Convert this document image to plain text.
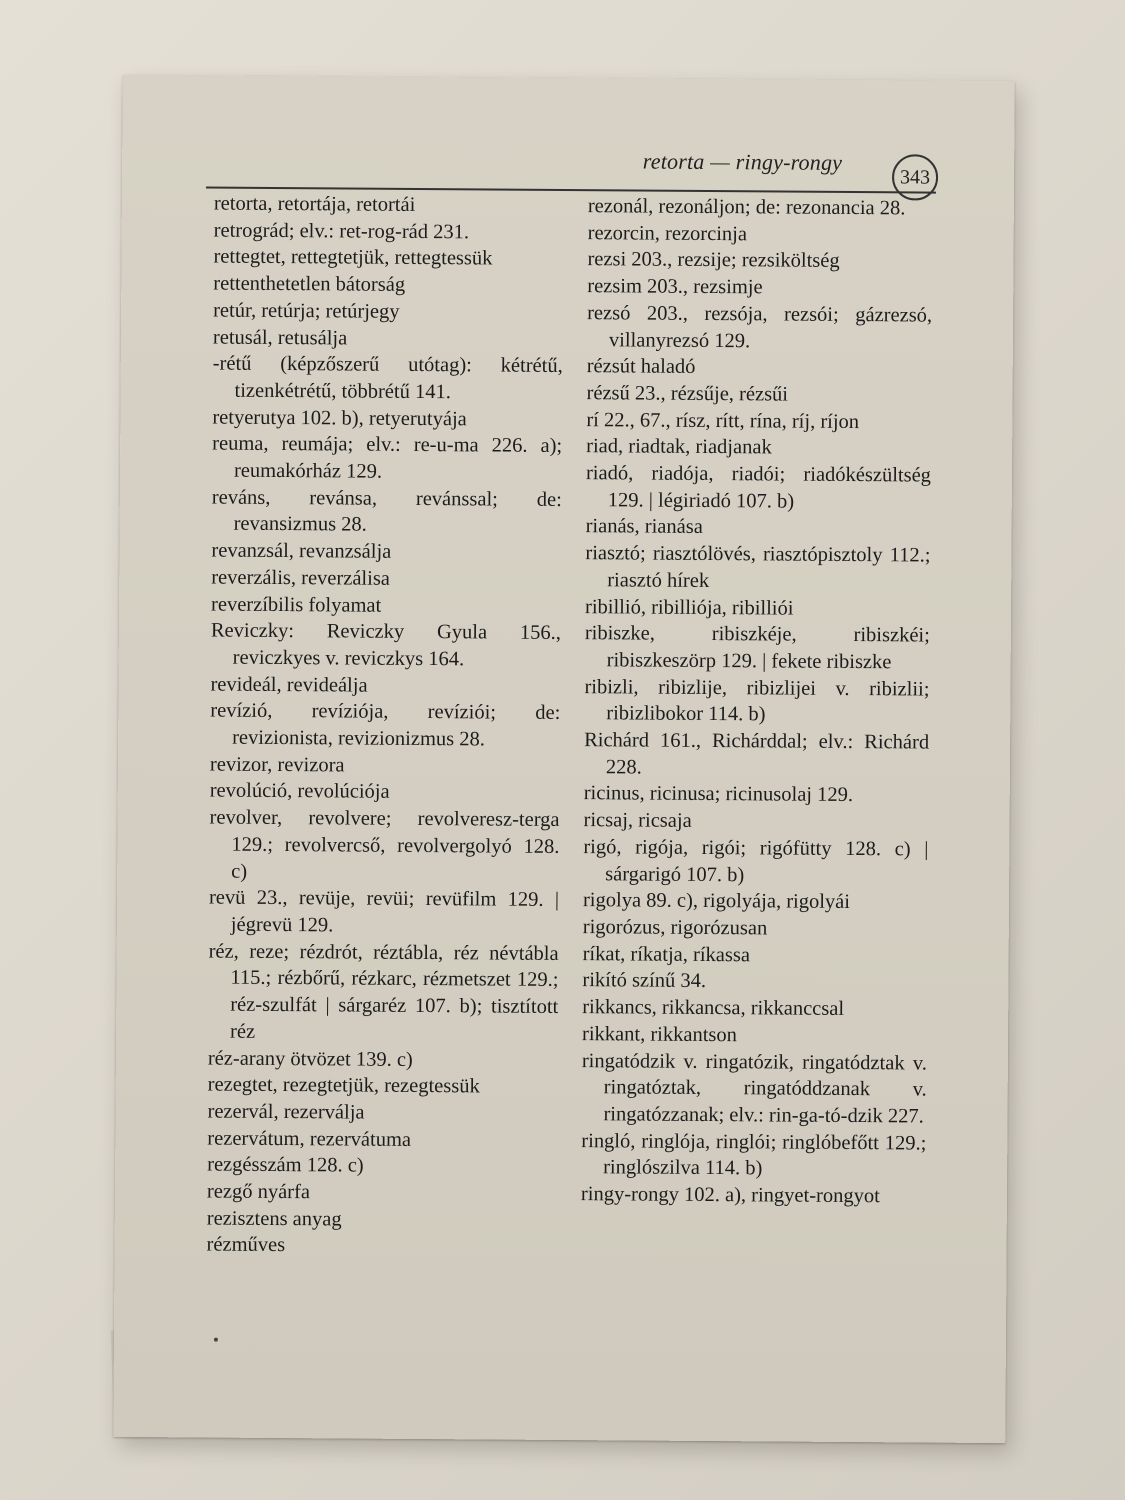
retorta — ringy-rongy
343
retorta, retortája, retortái
retrográd; elv.: ret-rog-rád 231.
rettegtet, rettegtetjük, rettegtessük
rettenthetetlen bátorság
retúr, retúrja; retúrjegy
retusál, retusálja
-rétű (képzőszerű utótag): kétrétű, tizenkétrétű, többrétű 141.
retyerutya 102. b), retyerutyája
reuma, reumája; elv.: re-u-ma 226. a); reumakórház 129.
reváns, revánsa, revánssal; de: revansizmus 28.
revanzsál, revanzsálja
reverzális, reverzálisa
reverzíbilis folyamat
Reviczky: Reviczky Gyula 156., reviczkyes v. reviczkys 164.
revideál, revideálja
revízió, revíziója, revíziói; de: revizionista, revizionizmus 28.
revizor, revizora
revolúció, revolúciója
revolver, revolvere; revolveresz-terga 129.; revolvercső, revolvergolyó 128. c)
revü 23., revüje, revüi; revüfilm 129. | jégrevü 129.
réz, reze; rézdrót, réztábla, réz névtábla 115.; rézbőrű, rézkarc, rézmetszet 129.; réz-szulfát | sárgaréz 107. b); tisztított réz
réz-arany ötvözet 139. c)
rezegtet, rezegtetjük, rezegtessük
rezervál, rezerválja
rezervátum, rezervátuma
rezgésszám 128. c)
rezgő nyárfa
rezisztens anyag
rézműves
rezonál, rezonáljon; de: rezonancia 28.
rezorcin, rezorcinja
rezsi 203., rezsije; rezsiköltség
rezsim 203., rezsimje
rezsó 203., rezsója, rezsói; gázrezsó, villanyrezsó 129.
rézsút haladó
rézsű 23., rézsűje, rézsűi
rí 22., 67., rísz, rítt, rína, ríj, ríjon
riad, riadtak, riadjanak
riadó, riadója, riadói; riadókészültség 129. | légiriadó 107. b)
rianás, rianása
riasztó; riasztólövés, riasztópisztoly 112.; riasztó hírek
ribillió, ribilliója, ribilliói
ribiszke, ribiszkéje, ribiszkéi; ribiszkeszörp 129. | fekete ribiszke
ribizli, ribizlije, ribizlijei v. ribizlii; ribizlibokor 114. b)
Richárd 161., Richárddal; elv.: Richárd 228.
ricinus, ricinusa; ricinusolaj 129.
ricsaj, ricsaja
rigó, rigója, rigói; rigófütty 128. c) | sárgarigó 107. b)
rigolya 89. c), rigolyája, rigolyái
rigorózus, rigorózusan
ríkat, ríkatja, ríkassa
rikító színű 34.
rikkancs, rikkancsa, rikkanccsal
rikkant, rikkantson
ringatódzik v. ringatózik, ringatództak v. ringatóztak, ringatóddzanak v. ringatózzanak; elv.: rin-ga-tó-dzik 227.
ringló, ringlója, ringlói; ringlóbefőtt 129.; ringlószilva 114. b)
ringy-rongy 102. a), ringyet-rongyot
